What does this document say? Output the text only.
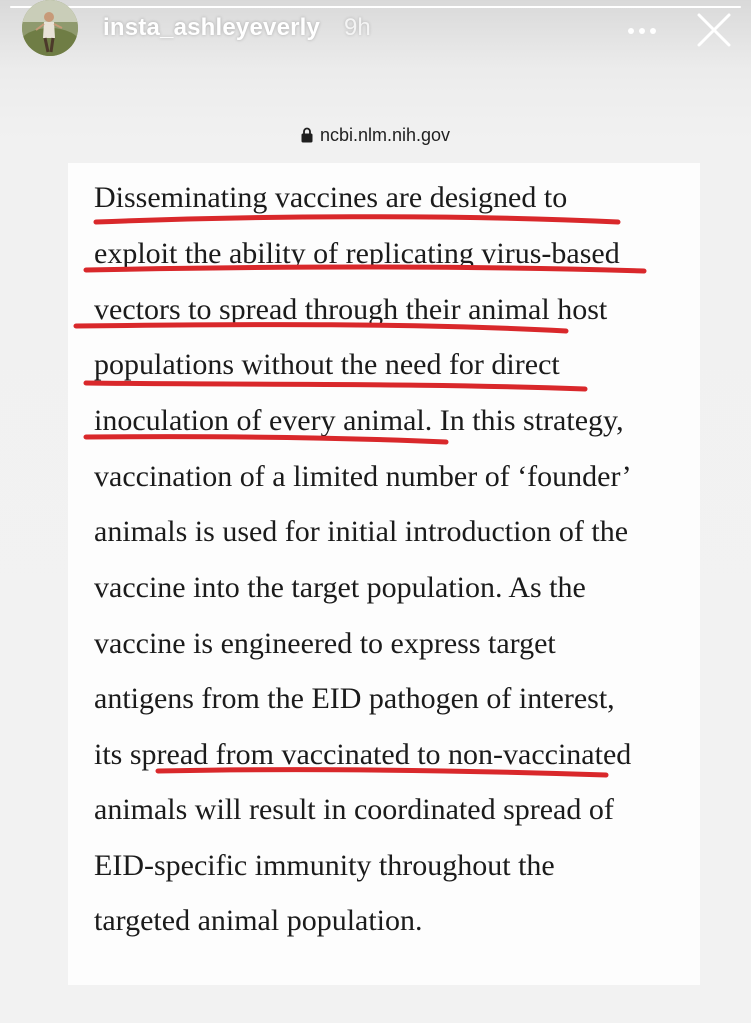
insta_ashleyeverly 9h
ncbi.nlm.nih.gov
Disseminating vaccines are designed to
exploit the ability of replicating virus-based
vectors to spread through their animal host
populations without the need for direct
inoculation of every animal. In this strategy,
vaccination of a limited number of ‘founder’
animals is used for initial introduction of the
vaccine into the target population. As the
vaccine is engineered to express target
antigens from the EID pathogen of interest,
its spread from vaccinated to non-vaccinated
animals will result in coordinated spread of
EID-specific immunity throughout the
targeted animal population.
